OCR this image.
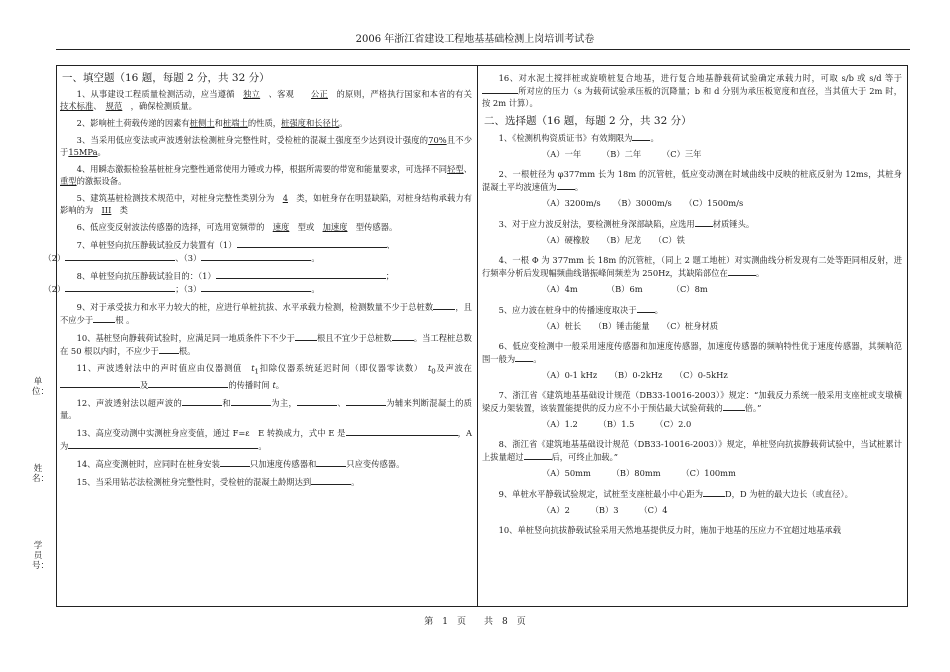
2006 年浙江省建设工程地基基础检测上岗培训考试卷
单位：
姓名：
学员号：
一、填空题（16 题，每题 2 分，共 32 分）
1、从事建设工程质量检测活动，应当遵循　 独立　 、客观　　 公正　 的原则，严格执行国家和本省的有关　技术标准、　 规范　 ，确保检测质量。
2、影响桩土荷载传递的因素有桩侧土和桩端土的性质，桩强度和长径比。
3、当采用低应变法或声波透射法检测桩身完整性时，受检桩的混凝土强度至少达到设计强度的70%且不少于15MPa。
4、用瞬态激振检验基桩桩身完整性通常使用力锤或力棒，根据所需要的带宽和能量要求，可选择不同轻型、重型的激振设备。
5、建筑基桩检测技术规范中，对桩身完整性类别分为　 4　 类，如桩身存在明显缺陷，对桩身结构承载力有影响的为　 III　 类
6、低应变反射波法传感器的选择，可选用宽频带的　 速度　 型或　 加速度　 型传感器。
7、单桩竖向抗压静载试验反力装置有（1）	、
（2）	、（3）	。
8、单桩竖向抗压静载试验目的：（1）	；
（2）	；（3）	。
9、对于承受拔力和水平力较大的桩，应进行单桩抗拔、水平承载力检测，检测数量不少于总桩数	，且不应少于	根 。
10、基桩竖向静载荷试验时，应满足同一地质条件下不少于	根且不宜少于总桩数	。当工程桩总数在 50 根以内时，不应少于 根。
11、声波透射法中的声时值应由仪器测值　 $t_1$扣除仪器系统延迟时间（即仪器零读数）　 $t_0$及声波在及	的传播时间 t。
12、声波透射法以超声波的	和	为主，	、	为辅来判断混凝土的质量。
13、高应变动测中实测桩身应变值，通过 F=ε　E 转换成力，式中 E 是	，A 为	。
14、高应变测桩时，应同时在桩身安装	只加速度传感器和	只应变传感器。
15、当采用钻芯法检测桩身完整性时，受检桩的混凝土龄期达到	。
16、对水泥土搅拌桩或旋喷桩复合地基，进行复合地基静载荷试验确定承载力时，可取 s/b 或 s/d 等于所对应的压力（s 为载荷试验承压板的沉降量；b 和 d 分别为承压板宽度和直径，当其值大于 2m 时，按 2m 计算）。
二、选择题（16 题，每题 2 分，共 32 分）
1、《检测机构资质证书》有效期限为 。
（A）一年　　　（B）二年　　　（C）三年
2、一根桩径为 φ377mm 长为 18m 的沉管桩，低应变动测在时域曲线中反映的桩底反射为 12ms，其桩身混凝土平均波速值为 。
（A）3200m/s　　（B）3000m/s　　（C）1500m/s
3、对于应力波反射法，要检测桩身深部缺陷，应选用 材质锤头。
（A）硬橡胶　　（B）尼龙　　（C）铁
4、一根 Φ 为 377mm 长 18m 的沉管桩，（同上 2 题工地桩）对实测曲线分析发现有二处等距同相反射，进行频率分析后发现幅频曲线谐振峰间频差为 250Hz，其缺陷部位在	。
（A）4m　　　　（B）6m　　　　（C）8m
5、应力波在桩身中的传播速度取决于 。
（A）桩长　　（B）锤击能量　　（C）桩身材质
6、低应变检测中一般采用速度传感器和加速度传感器，加速度传感器的频响特性优于速度传感器，其频响范围一般为 。
（A）0-1 kHz　　（B）0-2kHz　　（C）0-5kHz
7、浙江省《建筑地基基础设计规范（DB33-10016-2003）》规定：“加载反力系统一般采用支座桩或支墩横梁反力架装置，该装置能提供的反力应不小于预估最大试验荷载的	倍。”
（A）1.2　　　（B）1.5　　　（C）2.0
8、浙江省《建筑地基基础设计规范（DB33-10016-2003）》规定，单桩竖向抗拔静载荷试验中，当试桩累计上拔量超过	后，可终止加载。”
（A）50mm　　　（B）80mm　　　（C）100mm
9、单桩水平静载试验规定，试桩至支座桩最小中心距为	D，D 为桩的最大边长（或直径）。
（A）2　　　（B）3　　　（C）4
10、单桩竖向抗拔静载试验采用天然地基提供反力时，施加于地基的压应力不宜超过地基承载
第　1　页　　共　8　页
